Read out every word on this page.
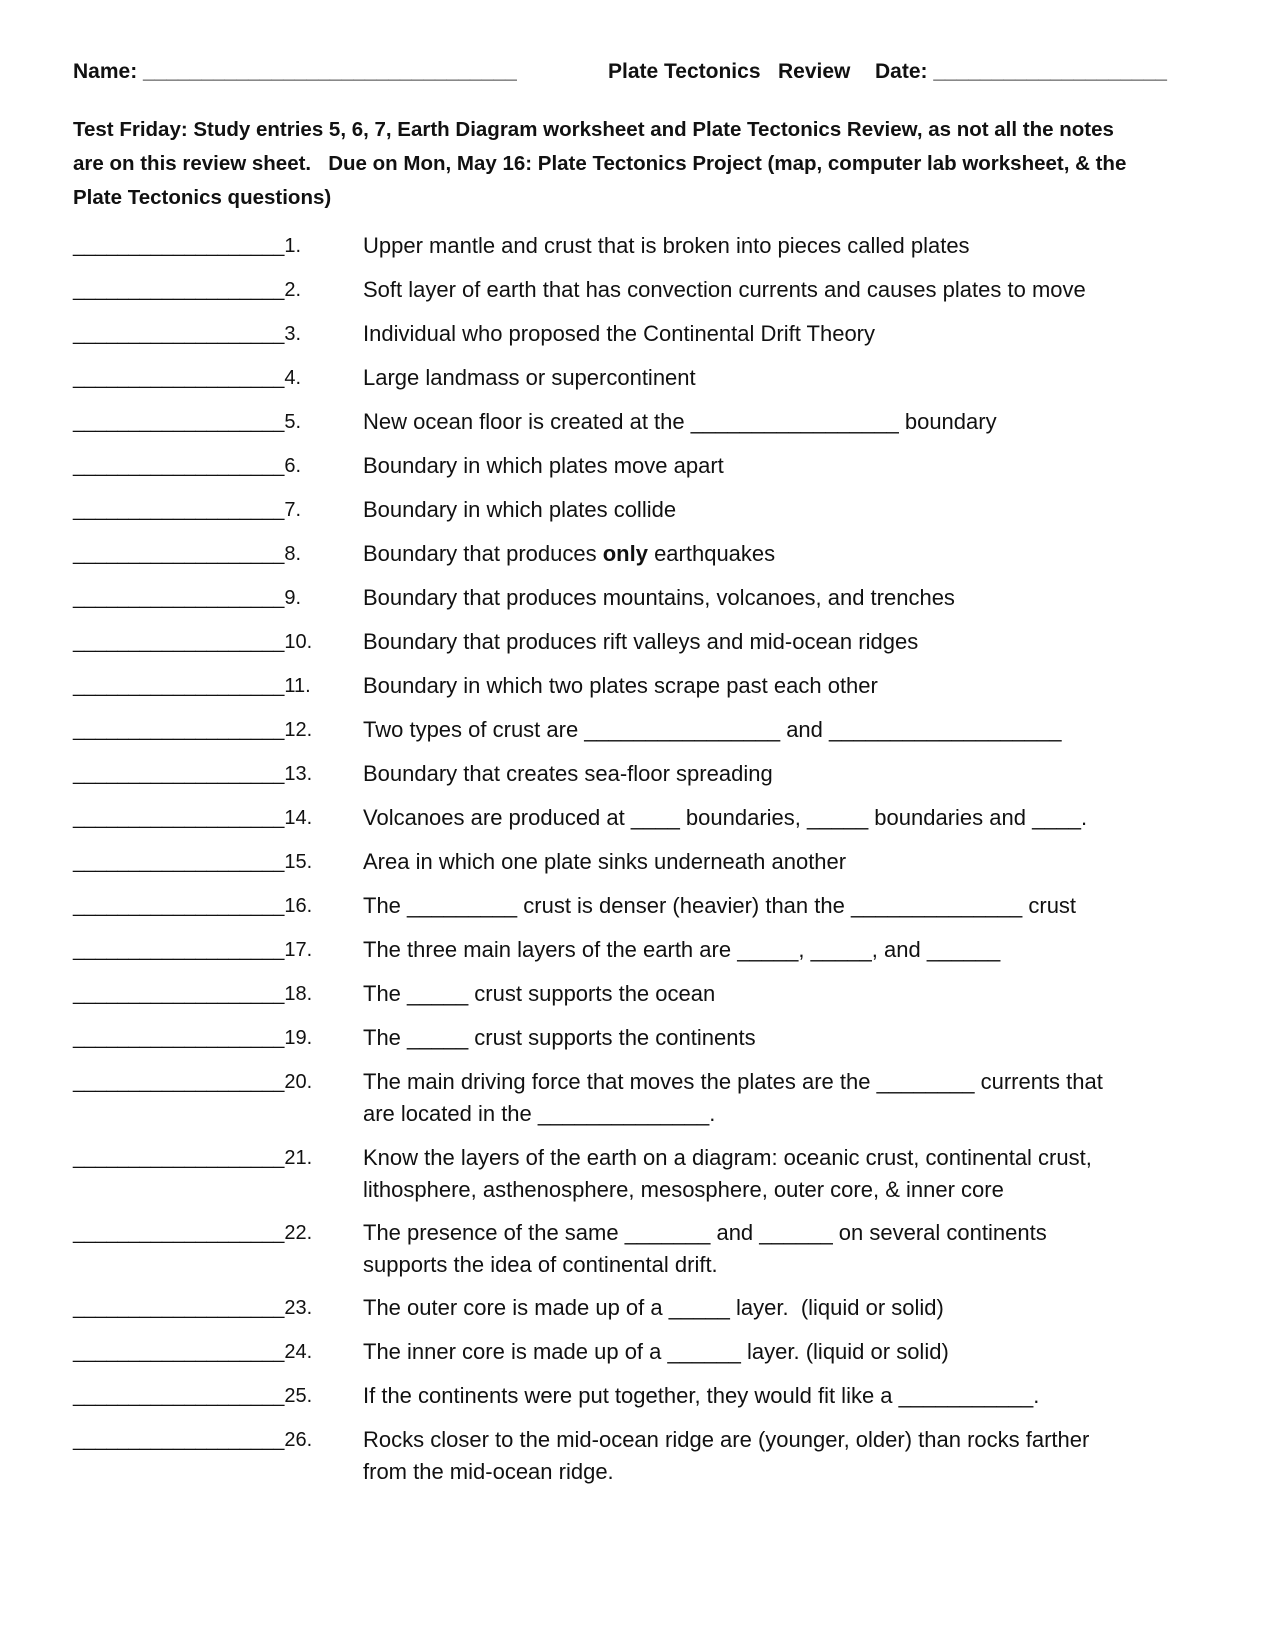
Name: ________________________________	Plate Tectonics   Review Date: ____________________
Test Friday: Study entries 5, 6, 7, Earth Diagram worksheet and Plate Tectonics Review, as not all the notes
are on this review sheet.   Due on Mon, May 16: Plate Tectonics Project (map, computer lab worksheet, & the
Plate Tectonics questions)
___________________1.	Upper mantle and crust that is broken into pieces called plates
___________________2.	Soft layer of earth that has convection currents and causes plates to move
___________________3.	Individual who proposed the Continental Drift Theory
___________________4.	Large landmass or supercontinent
___________________5.	New ocean floor is created at the _________________ boundary
___________________6.	Boundary in which plates move apart
___________________7.	Boundary in which plates collide
___________________8.	Boundary that produces only earthquakes
___________________9.	Boundary that produces mountains, volcanoes, and trenches
___________________10.	Boundary that produces rift valleys and mid-ocean ridges
___________________11.	Boundary in which two plates scrape past each other
___________________12.	Two types of crust are ________________ and ___________________
___________________13.	Boundary that creates sea-floor spreading
___________________14.	Volcanoes are produced at ____ boundaries, _____ boundaries and ____.
___________________15.	Area in which one plate sinks underneath another
___________________16.	The _________ crust is denser (heavier) than the ______________ crust
___________________17.	The three main layers of the earth are _____, _____, and ______
___________________18.	The _____ crust supports the ocean
___________________19.	The _____ crust supports the continents
___________________20.	The main driving force that moves the plates are the ________ currents that
are located in the ______________.
___________________21.	Know the layers of the earth on a diagram: oceanic crust, continental crust,
lithosphere, asthenosphere, mesosphere, outer core, & inner core
___________________22.	The presence of the same _______ and ______ on several continents
supports the idea of continental drift.
___________________23.	The outer core is made up of a _____ layer.  (liquid or solid)
___________________24.	The inner core is made up of a ______ layer. (liquid or solid)
___________________25.	If the continents were put together, they would fit like a ___________.
___________________26.	Rocks closer to the mid-ocean ridge are (younger, older) than rocks farther
from the mid-ocean ridge.
